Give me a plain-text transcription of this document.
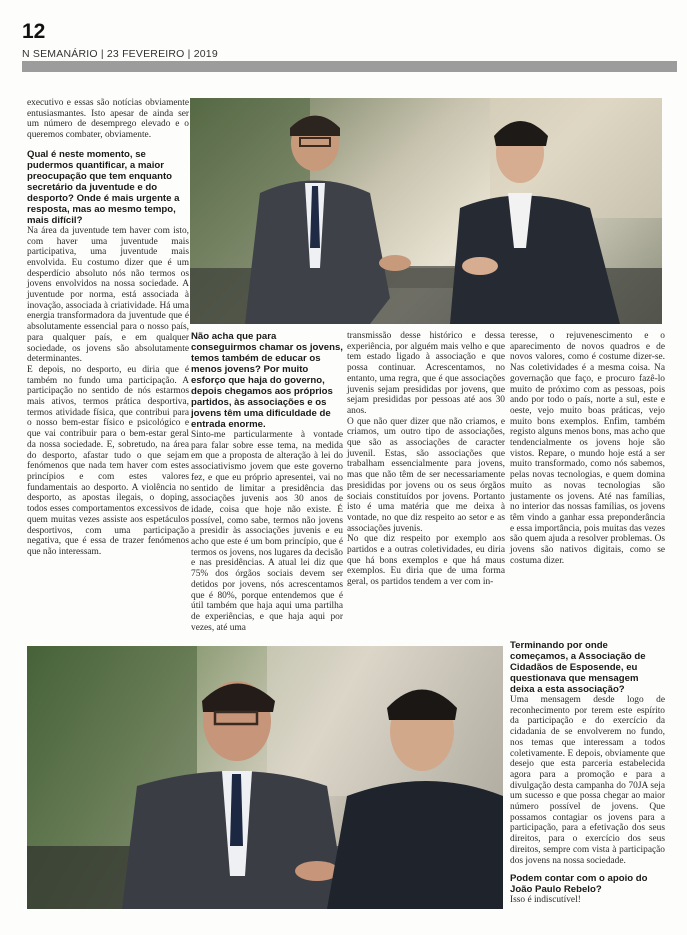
12
N SEMANÁRIO | 23 FEVEREIRO | 2019

executivo e essas são notícias obviamente entusiasmantes. Isto apesar de ainda ser um número de desemprego elevado e o queremos combater, obviamente.

Qual é neste momento, se pudermos quantificar, a maior preocupação que tem enquanto secretário da juventude e do desporto? Onde é mais urgente a resposta, mas ao mesmo tempo, mais difícil?

Na área da juventude tem haver com isto, com haver uma juventude mais participativa, uma juventude mais envolvida. Eu costumo dizer que é um desperdício absoluto nós não termos os jovens envolvidos na nossa sociedade. A juventude por norma, está associada à inovação, associada à criatividade. Há uma energia transformadora da juventude que é absolutamente essencial para o nosso país, para qualquer país, e em qualquer sociedade, os jovens são absolutamente determinantes.

E depois, no desporto, eu diria que é também no fundo uma participação. A participação no sentido de nós estarmos mais ativos, termos prática desportiva, termos atividade física, que contribui para o nosso bem-estar físico e psicológico e que vai contribuir para o bem-estar geral da nossa sociedade. E, sobretudo, na área do desporto, afastar tudo o que sejam fenómenos que nada tem haver com estes princípios e com estes valores fundamentais ao desporto. A violência no desporto, as apostas ilegais, o doping, todos esses comportamentos excessivos de quem muitas vezes assiste aos espetáculos desportivos, com uma participação negativa, que é essa de trazer fenómenos que não interessam.

Não acha que para conseguirmos chamar os jovens, temos também de educar os menos jovens? Por muito esforço que haja do governo, depois chegamos aos próprios partidos, às associações e os jovens têm uma dificuldade de entrada enorme.

Sinto-me particularmente à vontade para falar sobre esse tema, na medida em que a proposta de alteração à lei do associativismo jovem que este governo fez, e que eu próprio apresentei, vai no sentido de limitar a presidência das associações juvenis aos 30 anos de idade, coisa que hoje não existe. É possível, como sabe, termos não jovens a presidir às associações juvenis e eu acho que este é um bom princípio, que é termos os jovens, nos lugares da decisão e nas presidências. A atual lei diz que 75% dos órgãos sociais devem ser detidos por jovens, nós acrescentamos que é 80%, porque entendemos que é útil também que haja aqui uma partilha de experiências, e que haja aqui por vezes, até uma

transmissão desse histórico e dessa experiência, por alguém mais velho e que tem estado ligado à associação e que possa continuar. Acrescentamos, no entanto, uma regra, que é que associações juvenis sejam presididas por jovens, que sejam presididas por pessoas até aos 30 anos.

O que não quer dizer que não criamos, e criamos, um outro tipo de associações, que são as associações de caracter juvenil. Estas, são associações que trabalham essencialmente para jovens, mas que não têm de ser necessariamente presididas por jovens ou os seus órgãos sociais constituídos por jovens. Portanto isto é uma matéria que me deixa à vontade, no que diz respeito ao setor e as associações juvenis.

No que diz respeito por exemplo aos partidos e a outras coletividades, eu diria que há bons exemplos e que há maus exemplos. Eu diria que de uma forma geral, os partidos tendem a ver com in-

teresse, o rejuvenescimento e o aparecimento de novos quadros e de novos valores, como é costume dizer-se. Nas coletividades é a mesma coisa. Na governação que faço, e procuro fazê-lo muito de próximo com as pessoas, pois ando por todo o país, norte a sul, este e oeste, vejo muito boas práticas, vejo muito bons exemplos. Enfim, também registo alguns menos bons, mas acho que tendencialmente os jovens hoje são vistos. Repare, o mundo hoje está a ser muito transformado, como nós sabemos, pelas novas tecnologias, e quem domina muito as novas tecnologias são justamente os jovens. Até nas famílias, no interior das nossas famílias, os jovens têm vindo a ganhar essa preponderância e essa importância, pois muitas das vezes são quem ajuda a resolver problemas. Os jovens são nativos digitais, como se costuma dizer.

Terminando por onde começamos, a Associação de Cidadãos de Esposende, eu questionava que mensagem deixa a esta associação?

Uma mensagem desde logo de reconhecimento por terem este espírito da participação e do exercício da cidadania de se envolverem no fundo, nos temas que interessam a todos coletivamente. E depois, obviamente que desejo que esta parceria estabelecida agora para a promoção e para a divulgação desta campanha do 70JA seja um sucesso e que possa chegar ao maior número possível de jovens. Que possamos contagiar os jovens para a participação, para a efetivação dos seus direitos, para o exercício dos seus direitos, sempre com vista à participação dos jovens na nossa sociedade.

Podem contar com o apoio do João Paulo Rebelo?

Isso é indiscutível!
